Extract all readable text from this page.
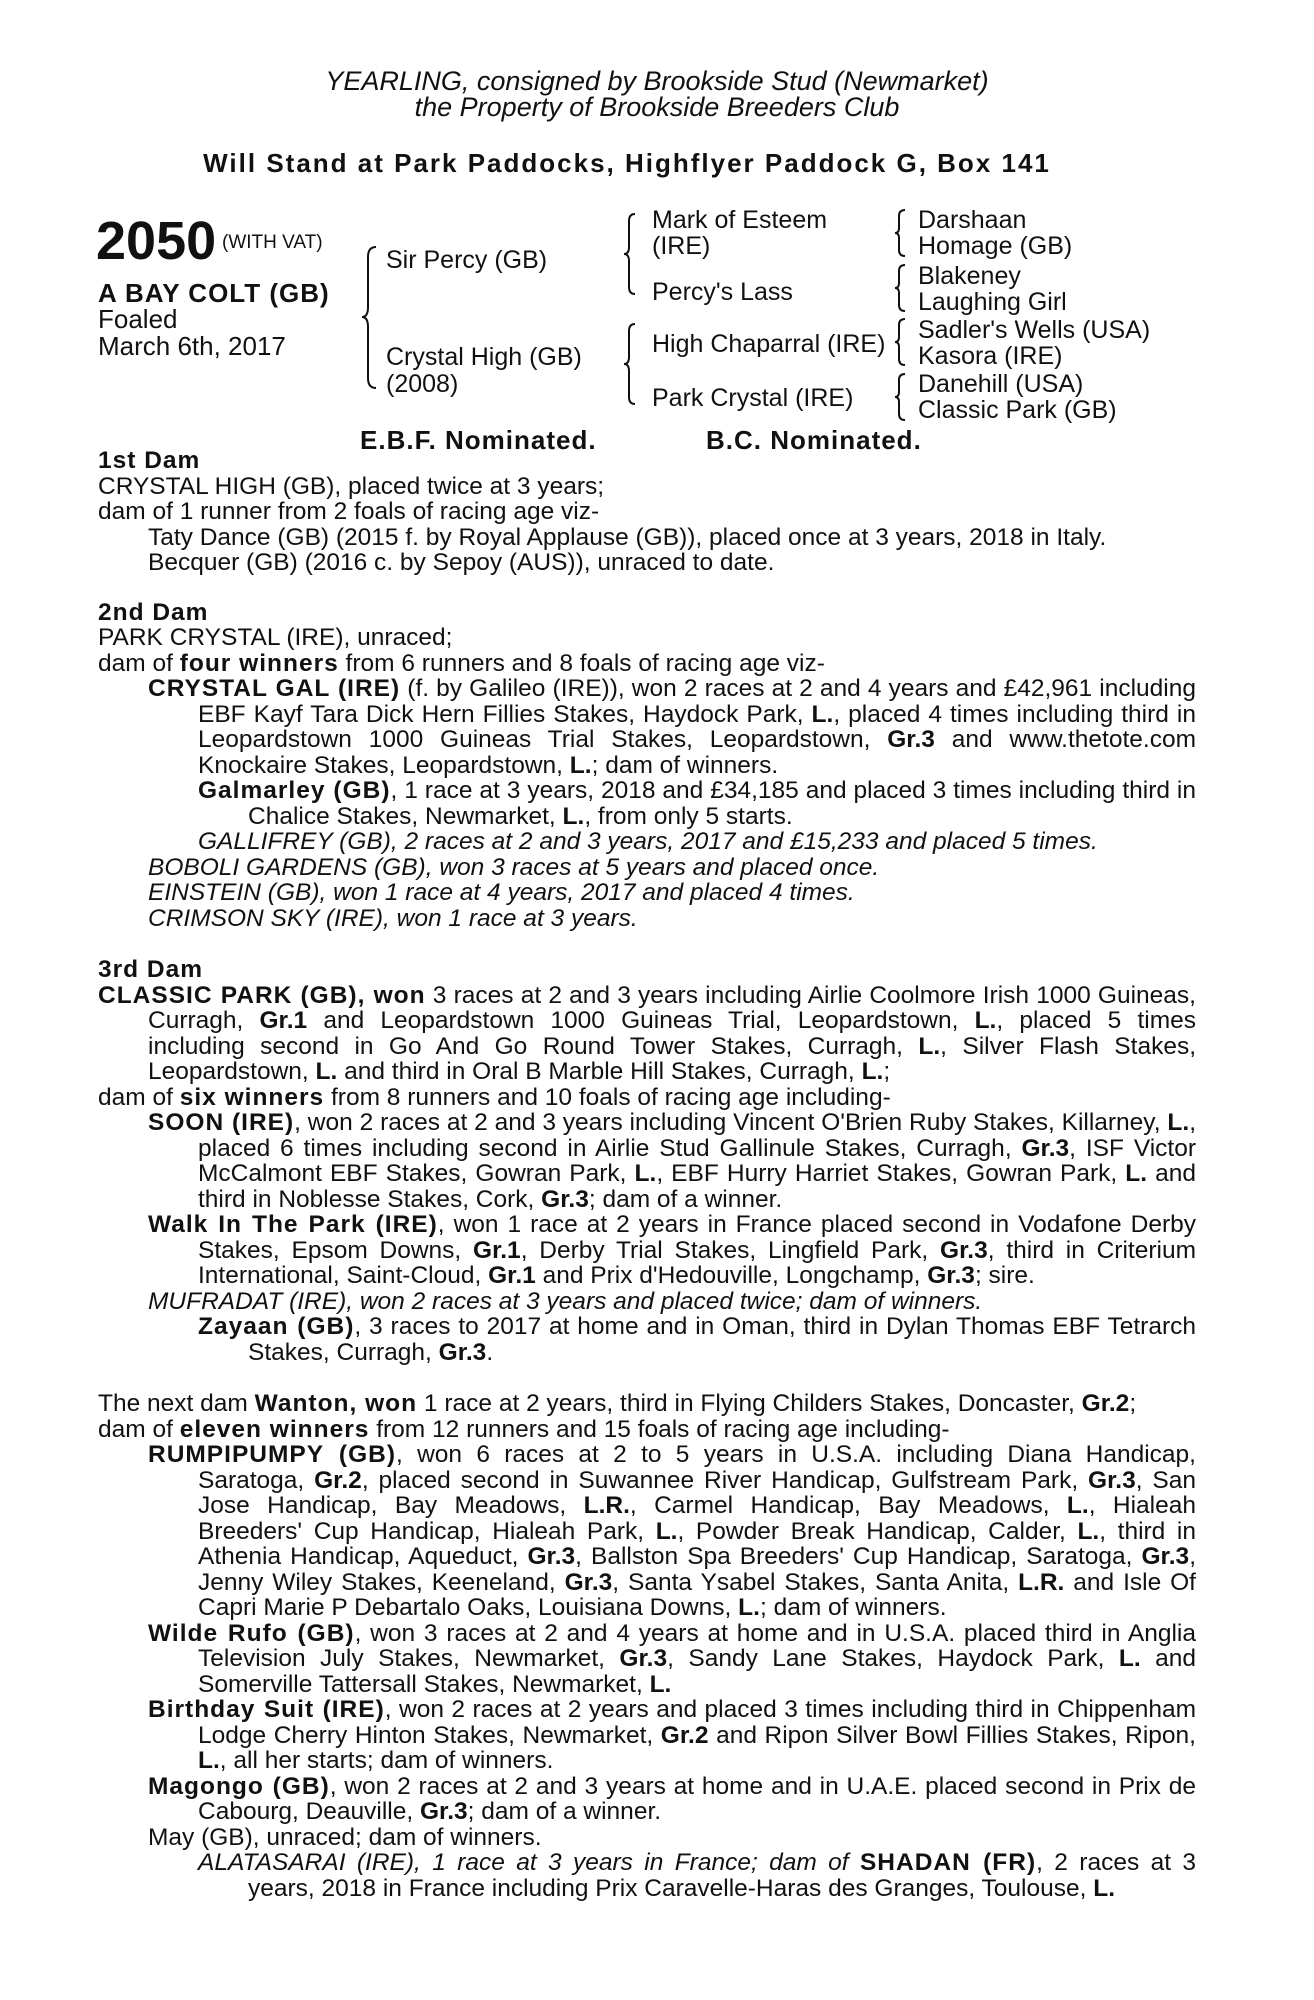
YEARLING, consigned by Brookside Stud (Newmarket)
the Property of Brookside Breeders Club
Will Stand at Park Paddocks, Highflyer Paddock G, Box 141
2050 (WITH VAT)
A BAY COLT (GB)
Foaled
March 6th, 2017
Sir Percy (GB)
Crystal High (GB)
(2008)
Mark of Esteem
(IRE)
Percy's Lass
High Chaparral (IRE)
Park Crystal (IRE)
Darshaan
Homage (GB)
Blakeney
Laughing Girl
Sadler's Wells (USA)
Kasora (IRE)
Danehill (USA)
Classic Park (GB)
E.B.F. Nominated.	B.C. Nominated.
1st Dam
CRYSTAL HIGH (GB), placed twice at 3 years;
dam of 1 runner from 2 foals of racing age viz-
Taty Dance (GB) (2015 f. by Royal Applause (GB)), placed once at 3 years, 2018 in Italy.
Becquer (GB) (2016 c. by Sepoy (AUS)), unraced to date.
2nd Dam
PARK CRYSTAL (IRE), unraced;
dam of four winners from 6 runners and 8 foals of racing age viz-
CRYSTAL GAL (IRE) (f. by Galileo (IRE)), won 2 races at 2 and 4 years and £42,961 including EBF Kayf Tara Dick Hern Fillies Stakes, Haydock Park, L., placed 4 times including third in Leopardstown 1000 Guineas Trial Stakes, Leopardstown, Gr.3 and www.thetote.com Knockaire Stakes, Leopardstown, L.; dam of winners.
Galmarley (GB), 1 race at 3 years, 2018 and £34,185 and placed 3 times including third in Chalice Stakes, Newmarket, L., from only 5 starts.
GALLIFREY (GB), 2 races at 2 and 3 years, 2017 and £15,233 and placed 5 times.
BOBOLI GARDENS (GB), won 3 races at 5 years and placed once.
EINSTEIN (GB), won 1 race at 4 years, 2017 and placed 4 times.
CRIMSON SKY (IRE), won 1 race at 3 years.
3rd Dam
CLASSIC PARK (GB), won 3 races at 2 and 3 years including Airlie Coolmore Irish 1000 Guineas, Curragh, Gr.1 and Leopardstown 1000 Guineas Trial, Leopardstown, L., placed 5 times including second in Go And Go Round Tower Stakes, Curragh, L., Silver Flash Stakes, Leopardstown, L. and third in Oral B Marble Hill Stakes, Curragh, L.;
dam of six winners from 8 runners and 10 foals of racing age including-
SOON (IRE), won 2 races at 2 and 3 years including Vincent O'Brien Ruby Stakes, Killarney, L., placed 6 times including second in Airlie Stud Gallinule Stakes, Curragh, Gr.3, ISF Victor McCalmont EBF Stakes, Gowran Park, L., EBF Hurry Harriet Stakes, Gowran Park, L. and third in Noblesse Stakes, Cork, Gr.3; dam of a winner.
Walk In The Park (IRE), won 1 race at 2 years in France placed second in Vodafone Derby Stakes, Epsom Downs, Gr.1, Derby Trial Stakes, Lingfield Park, Gr.3, third in Criterium International, Saint-Cloud, Gr.1 and Prix d'Hedouville, Longchamp, Gr.3; sire.
MUFRADAT (IRE), won 2 races at 3 years and placed twice; dam of winners.
Zayaan (GB), 3 races to 2017 at home and in Oman, third in Dylan Thomas EBF Tetrarch Stakes, Curragh, Gr.3.
The next dam Wanton, won 1 race at 2 years, third in Flying Childers Stakes, Doncaster, Gr.2;
dam of eleven winners from 12 runners and 15 foals of racing age including-
RUMPIPUMPY (GB), won 6 races at 2 to 5 years in U.S.A. including Diana Handicap, Saratoga, Gr.2, placed second in Suwannee River Handicap, Gulfstream Park, Gr.3, San Jose Handicap, Bay Meadows, L.R., Carmel Handicap, Bay Meadows, L., Hialeah Breeders' Cup Handicap, Hialeah Park, L., Powder Break Handicap, Calder, L., third in Athenia Handicap, Aqueduct, Gr.3, Ballston Spa Breeders' Cup Handicap, Saratoga, Gr.3, Jenny Wiley Stakes, Keeneland, Gr.3, Santa Ysabel Stakes, Santa Anita, L.R. and Isle Of Capri Marie P Debartalo Oaks, Louisiana Downs, L.; dam of winners.
Wilde Rufo (GB), won 3 races at 2 and 4 years at home and in U.S.A. placed third in Anglia Television July Stakes, Newmarket, Gr.3, Sandy Lane Stakes, Haydock Park, L. and Somerville Tattersall Stakes, Newmarket, L.
Birthday Suit (IRE), won 2 races at 2 years and placed 3 times including third in Chippenham Lodge Cherry Hinton Stakes, Newmarket, Gr.2 and Ripon Silver Bowl Fillies Stakes, Ripon, L., all her starts; dam of winners.
Magongo (GB), won 2 races at 2 and 3 years at home and in U.A.E. placed second in Prix de Cabourg, Deauville, Gr.3; dam of a winner.
May (GB), unraced; dam of winners.
ALATASARAI (IRE), 1 race at 3 years in France; dam of SHADAN (FR), 2 races at 3 years, 2018 in France including Prix Caravelle-Haras des Granges, Toulouse, L.
